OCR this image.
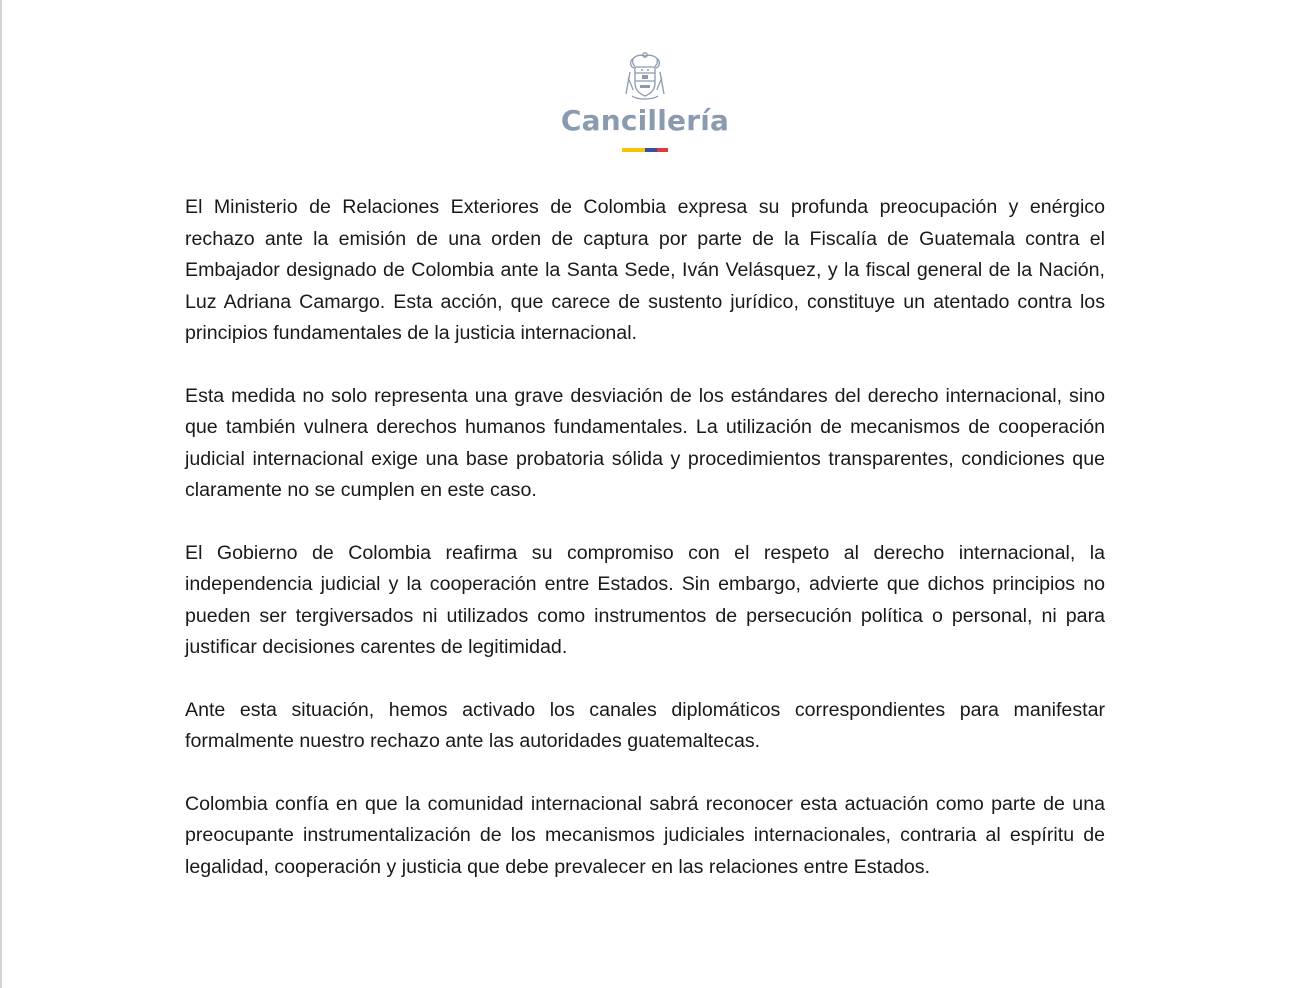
Cancillería

El Ministerio de Relaciones Exteriores de Colombia expresa su profunda preocupación y enérgico rechazo ante la emisión de una orden de captura por parte de la Fiscalía de Guatemala contra el Embajador designado de Colombia ante la Santa Sede, Iván Velásquez, y la fiscal general de la Nación, Luz Adriana Camargo. Esta acción, que carece de sustento jurídico, constituye un atentado contra los principios fundamentales de la justicia internacional.

Esta medida no solo representa una grave desviación de los estándares del derecho internacional, sino que también vulnera derechos humanos fundamentales. La utilización de mecanismos de cooperación judicial internacional exige una base probatoria sólida y procedimientos transparentes, condiciones que claramente no se cumplen en este caso.

El Gobierno de Colombia reafirma su compromiso con el respeto al derecho internacional, la independencia judicial y la cooperación entre Estados. Sin embargo, advierte que dichos principios no pueden ser tergiversados ni utilizados como instrumentos de persecución política o personal, ni para justificar decisiones carentes de legitimidad.

Ante esta situación, hemos activado los canales diplomáticos correspondientes para manifestar formalmente nuestro rechazo ante las autoridades guatemaltecas.

Colombia confía en que la comunidad internacional sabrá reconocer esta actuación como parte de una preocupante instrumentalización de los mecanismos judiciales internacionales, contraria al espíritu de legalidad, cooperación y justicia que debe prevalecer en las relaciones entre Estados.
